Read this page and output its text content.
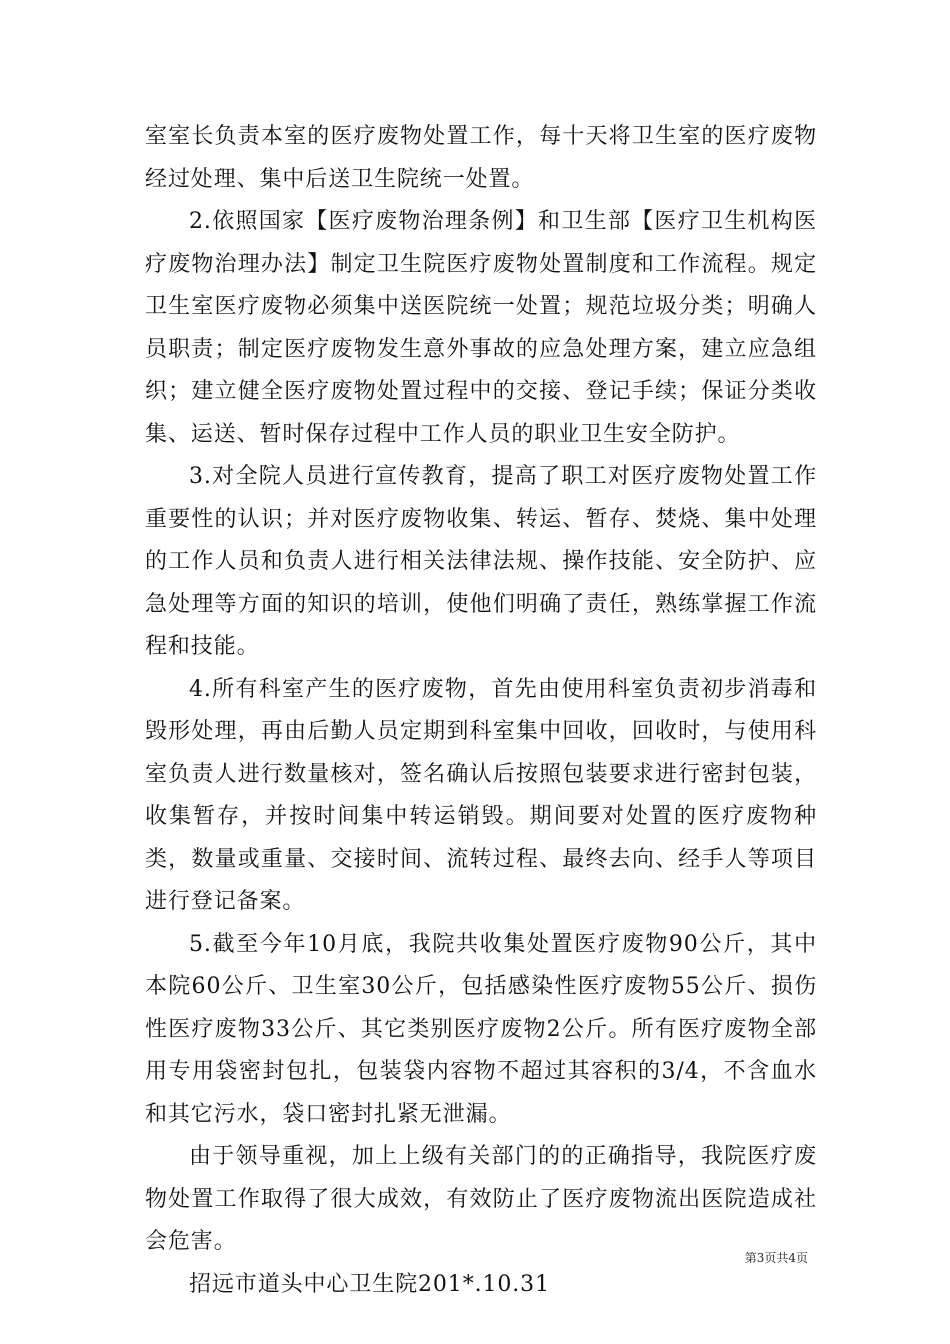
室室长负责本室的医疗废物处置工作，每十天将卫生室的医疗废物经过处理、集中后送卫生院统一处置。

2.依照国家【医疗废物治理条例】和卫生部【医疗卫生机构医疗废物治理办法】制定卫生院医疗废物处置制度和工作流程。规定卫生室医疗废物必须集中送医院统一处置；规范垃圾分类；明确人员职责；制定医疗废物发生意外事故的应急处理方案，建立应急组织；建立健全医疗废物处置过程中的交接、登记手续；保证分类收集、运送、暂时保存过程中工作人员的职业卫生安全防护。

3.对全院人员进行宣传教育，提高了职工对医疗废物处置工作重要性的认识；并对医疗废物收集、转运、暂存、焚烧、集中处理的工作人员和负责人进行相关法律法规、操作技能、安全防护、应急处理等方面的知识的培训，使他们明确了责任，熟练掌握工作流程和技能。

4.所有科室产生的医疗废物，首先由使用科室负责初步消毒和毁形处理，再由后勤人员定期到科室集中回收，回收时，与使用科室负责人进行数量核对，签名确认后按照包装要求进行密封包装，收集暂存，并按时间集中转运销毁。期间要对处置的医疗废物种类，数量或重量、交接时间、流转过程、最终去向、经手人等项目进行登记备案。

5.截至今年10月底，我院共收集处置医疗废物90公斤，其中本院60公斤、卫生室30公斤，包括感染性医疗废物55公斤、损伤性医疗废物33公斤、其它类别医疗废物2公斤。所有医疗废物全部用专用袋密封包扎，包装袋内容物不超过其容积的3/4，不含血水和其它污水，袋口密封扎紧无泄漏。

由于领导重视，加上上级有关部门的的正确指导，我院医疗废物处置工作取得了很大成效，有效防止了医疗废物流出医院造成社会危害。

招远市道头中心卫生院201*.10.31

第3页共4页
